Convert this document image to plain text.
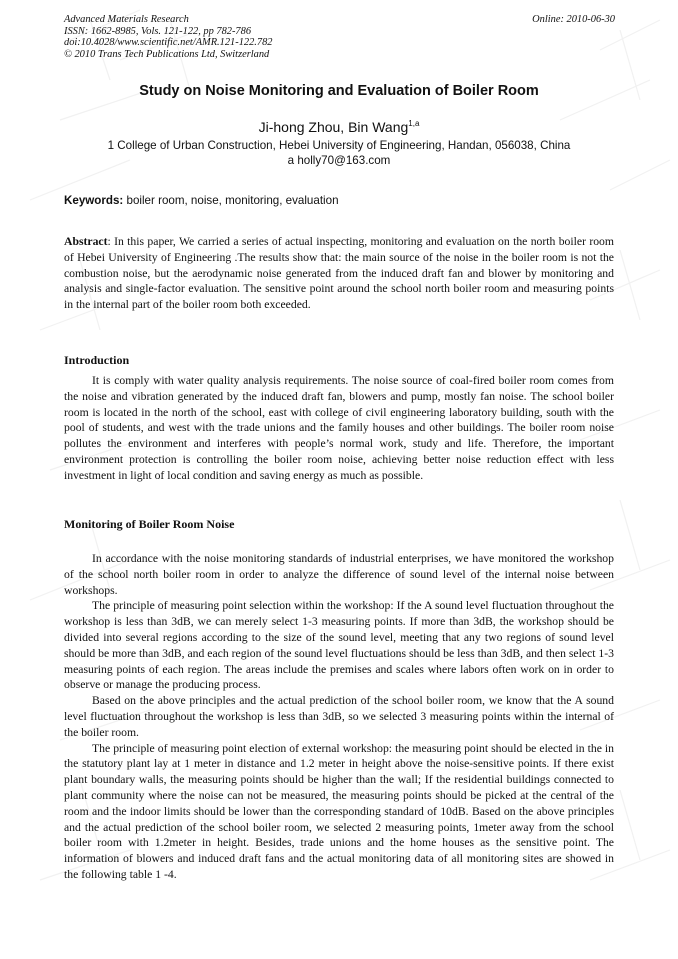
Advanced Materials Research
ISSN: 1662-8985, Vols. 121-122, pp 782-786
doi:10.4028/www.scientific.net/AMR.121-122.782
© 2010 Trans Tech Publications Ltd, Switzerland
Online: 2010-06-30
Study on Noise Monitoring and Evaluation of Boiler Room
Ji-hong Zhou, Bin Wang$^{1,a}$
1 College of Urban Construction, Hebei University of Engineering, Handan, 056038, China
a holly70@163.com
Keywords: boiler room, noise, monitoring, evaluation
Abstract: In this paper, We carried a series of actual inspecting, monitoring and evaluation on the north boiler room of Hebei University of Engineering .The results show that: the main source of the noise in the boiler room is not the combustion noise, but the aerodynamic noise generated from the induced draft fan and blower by monitoring and analysis and single-factor evaluation. The sensitive point around the school north boiler room and measuring points in the internal part of the boiler room both exceeded.
Introduction
It is comply with water quality analysis requirements. The noise source of coal-fired boiler room comes from the noise and vibration generated by the induced draft fan, blowers and pump, mostly fan noise. The school boiler room is located in the north of the school, east with college of civil engineering laboratory building, south with the pool of students, and west with the trade unions and the family houses and other buildings. The boiler room noise pollutes the environment and interferes with people’s normal work, study and life. Therefore, the important environment protection is controlling the boiler room noise, achieving better noise reduction effect with less investment in light of local condition and saving energy as much as possible.
Monitoring of Boiler Room Noise
In accordance with the noise monitoring standards of industrial enterprises, we have monitored the workshop of the school north boiler room in order to analyze the difference of sound level of the internal noise between workshops.
The principle of measuring point selection within the workshop: If the A sound level fluctuation throughout the workshop is less than 3dB, we can merely select 1-3 measuring points. If more than 3dB, the workshop should be divided into several regions according to the size of the sound level, meeting that any two regions of sound level should be more than 3dB, and each region of the sound level fluctuations should be less than 3dB, and then select 1-3 measuring points of each region. The areas include the premises and scales where labors often work on in order to observe or manage the producing process.
Based on the above principles and the actual prediction of the school boiler room, we know that the A sound level fluctuation throughout the workshop is less than 3dB, so we selected 3 measuring points within the internal of the boiler room.
The principle of measuring point election of external workshop: the measuring point should be elected in the in the statutory plant lay at 1 meter in distance and 1.2 meter in height above the noise-sensitive points. If there exist plant boundary walls, the measuring points should be higher than the wall; If the residential buildings connected to plant community where the noise can not be measured, the measuring points should be picked at the central of the room and the indoor limits should be lower than the corresponding standard of 10dB. Based on the above principles and the actual prediction of the school boiler room, we selected 2 measuring points, 1meter away from the school boiler room with 1.2meter in height. Besides, trade unions and the home houses as the sensitive point. The information of blowers and induced draft fans and the actual monitoring data of all monitoring sites are showed in the following table 1 -4.
